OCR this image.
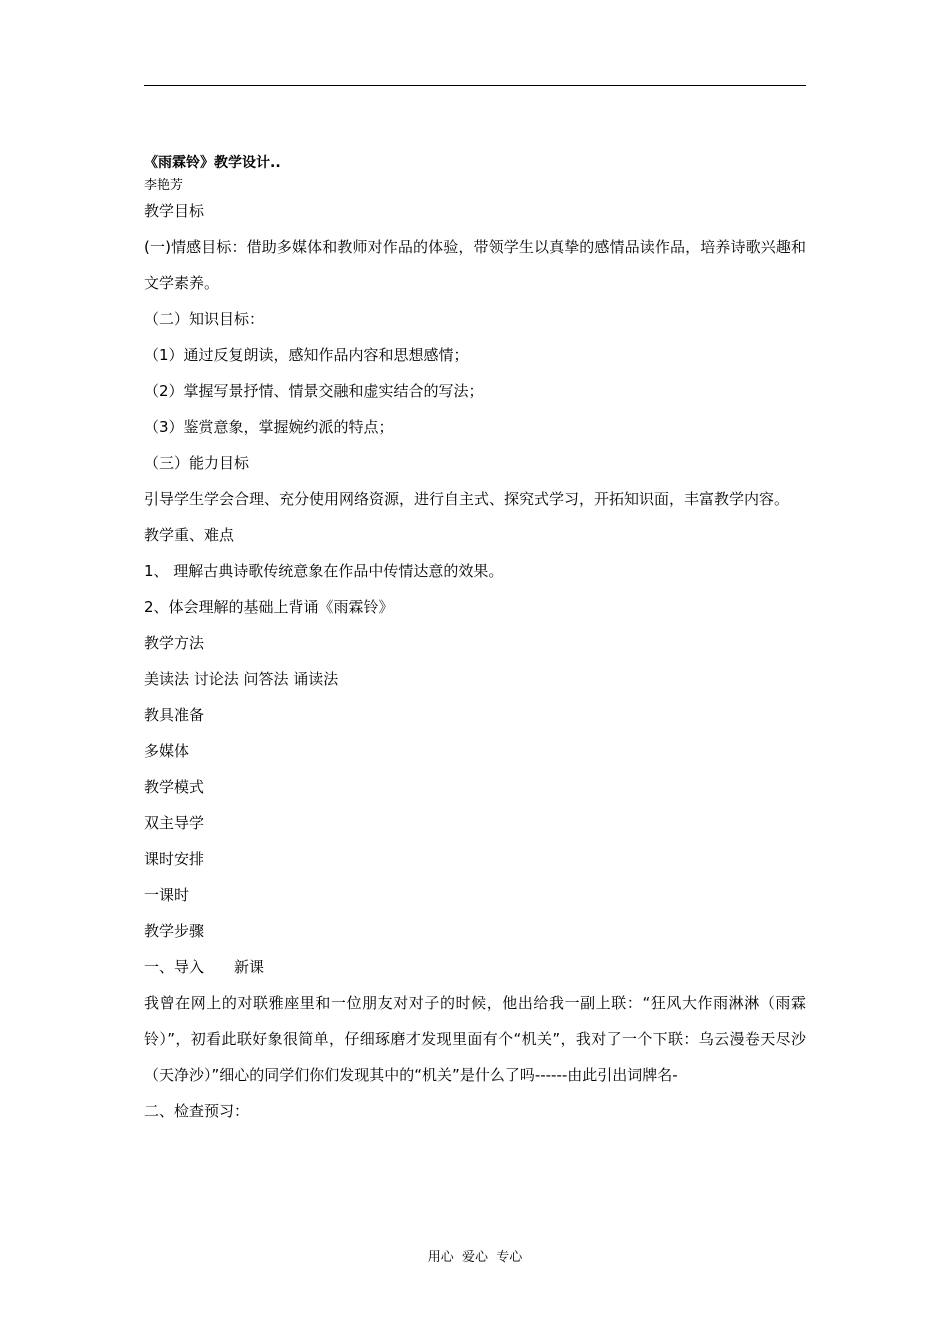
《雨霖铃》教学设计..
李艳芳

教学目标

(一)情感目标：借助多媒体和教师对作品的体验，带领学生以真挚的感情品读作品，培养诗歌兴趣和文学素养。

（二）知识目标：

（1）通过反复朗读，感知作品内容和思想感情；

（2）掌握写景抒情、情景交融和虚实结合的写法；

（3）鉴赏意象，掌握婉约派的特点；

（三）能力目标

引导学生学会合理、充分使用网络资源，进行自主式、探究式学习，开拓知识面，丰富教学内容。

教学重、难点

1、 理解古典诗歌传统意象在作品中传情达意的效果。

2、体会理解的基础上背诵《雨霖铃》

教学方法

美读法 讨论法 问答法 诵读法

教具准备

多媒体

教学模式

双主导学

课时安排

一课时

教学步骤

一、导入　　新课

我曾在网上的对联雅座里和一位朋友对对子的时候，他出给我一副上联：“狂风大作雨淋淋（雨霖铃）”，初看此联好象很简单，仔细琢磨才发现里面有个“机关”，我对了一个下联：乌云漫卷天尽沙（天净沙）”细心的同学们你们发现其中的“机关”是什么了吗------由此引出词牌名-

二、检查预习：

用心  爱心  专心
